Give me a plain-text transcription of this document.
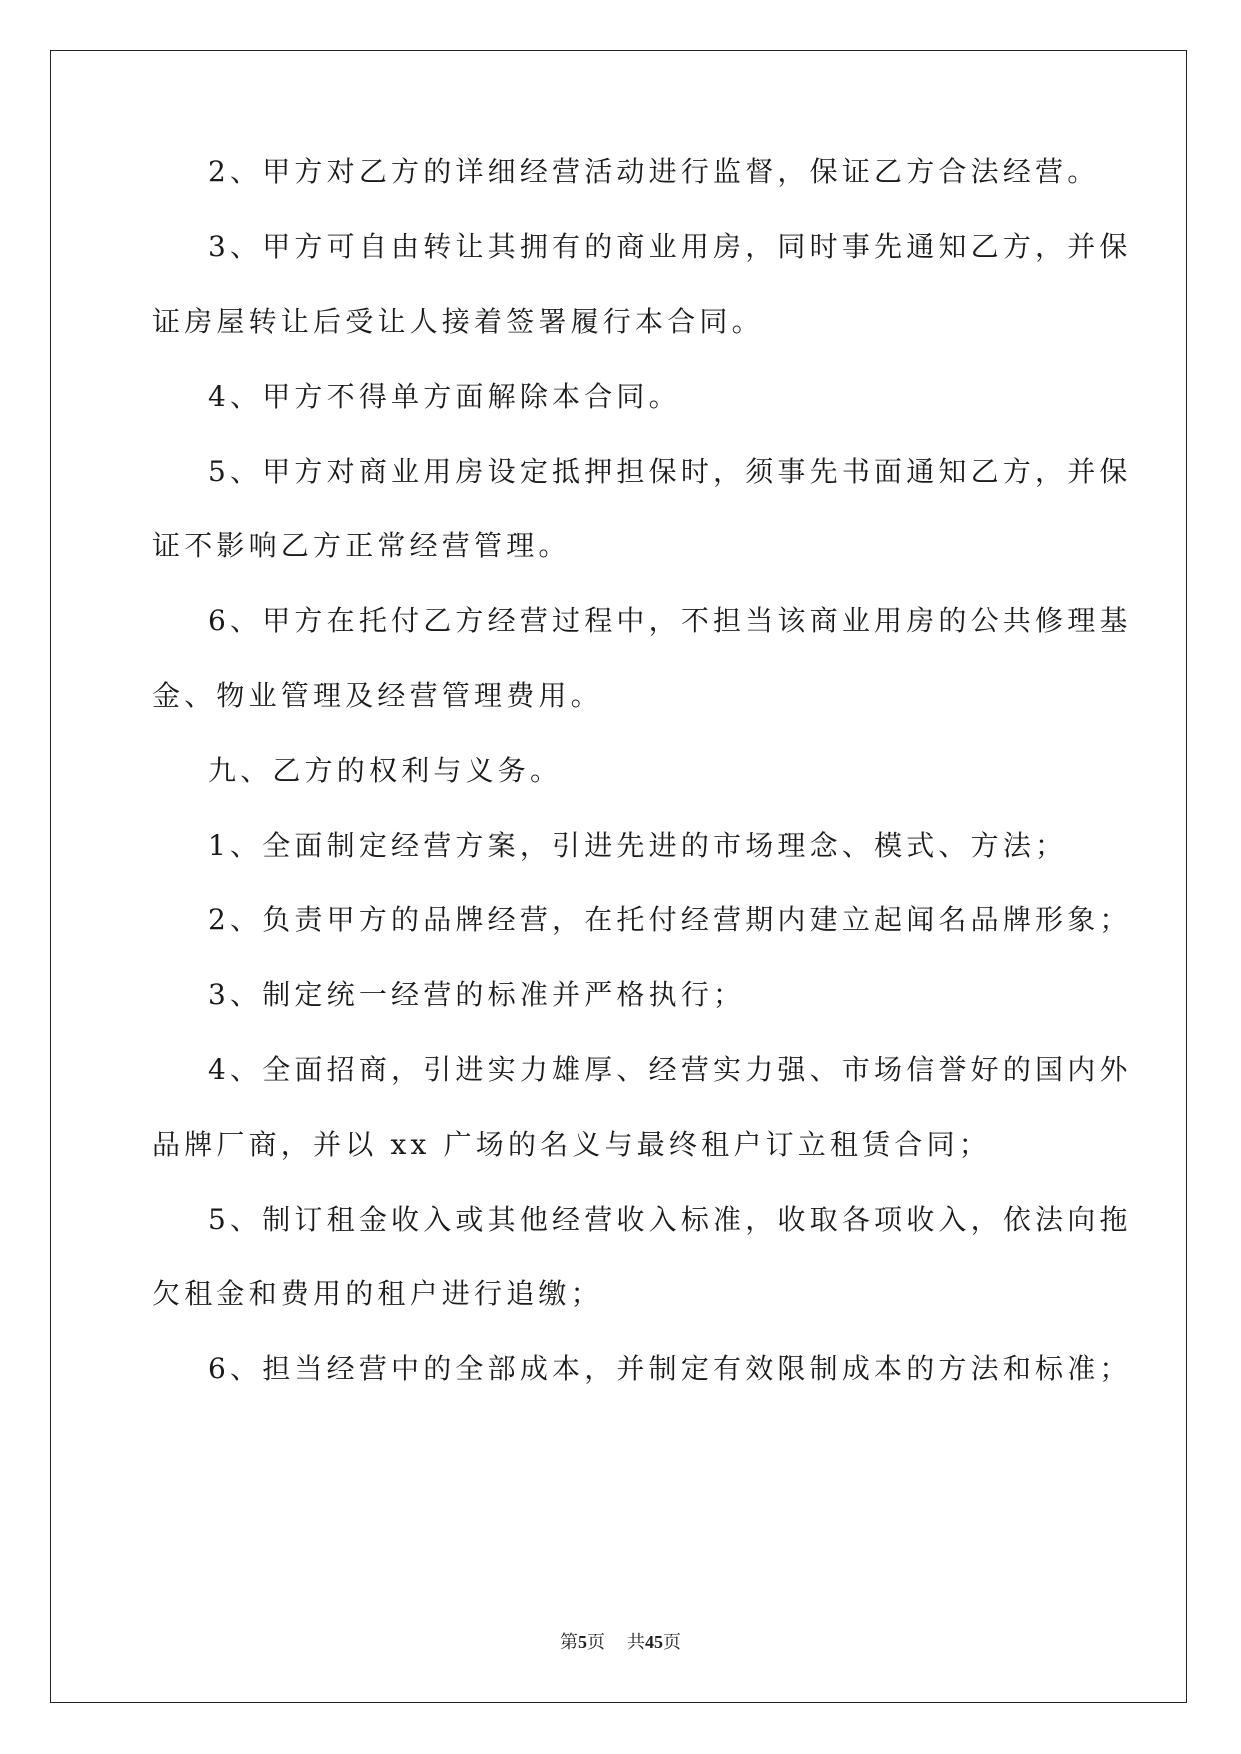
2、甲方对乙方的详细经营活动进行监督，保证乙方合法经营。
3、甲方可自由转让其拥有的商业用房，同时事先通知乙方，并保
证房屋转让后受让人接着签署履行本合同。
4、甲方不得单方面解除本合同。
5、甲方对商业用房设定抵押担保时，须事先书面通知乙方，并保
证不影响乙方正常经营管理。
6、甲方在托付乙方经营过程中，不担当该商业用房的公共修理基
金、物业管理及经营管理费用。
九、乙方的权利与义务。
1、全面制定经营方案，引进先进的市场理念、模式、方法；
2、负责甲方的品牌经营，在托付经营期内建立起闻名品牌形象；
3、制定统一经营的标准并严格执行；
4、全面招商，引进实力雄厚、经营实力强、市场信誉好的国内外
品牌厂商，并以 xx 广场的名义与最终租户订立租赁合同；
5、制订租金收入或其他经营收入标准，收取各项收入，依法向拖
欠租金和费用的租户进行追缴；
6、担当经营中的全部成本，并制定有效限制成本的方法和标准；
第5页 共45页
